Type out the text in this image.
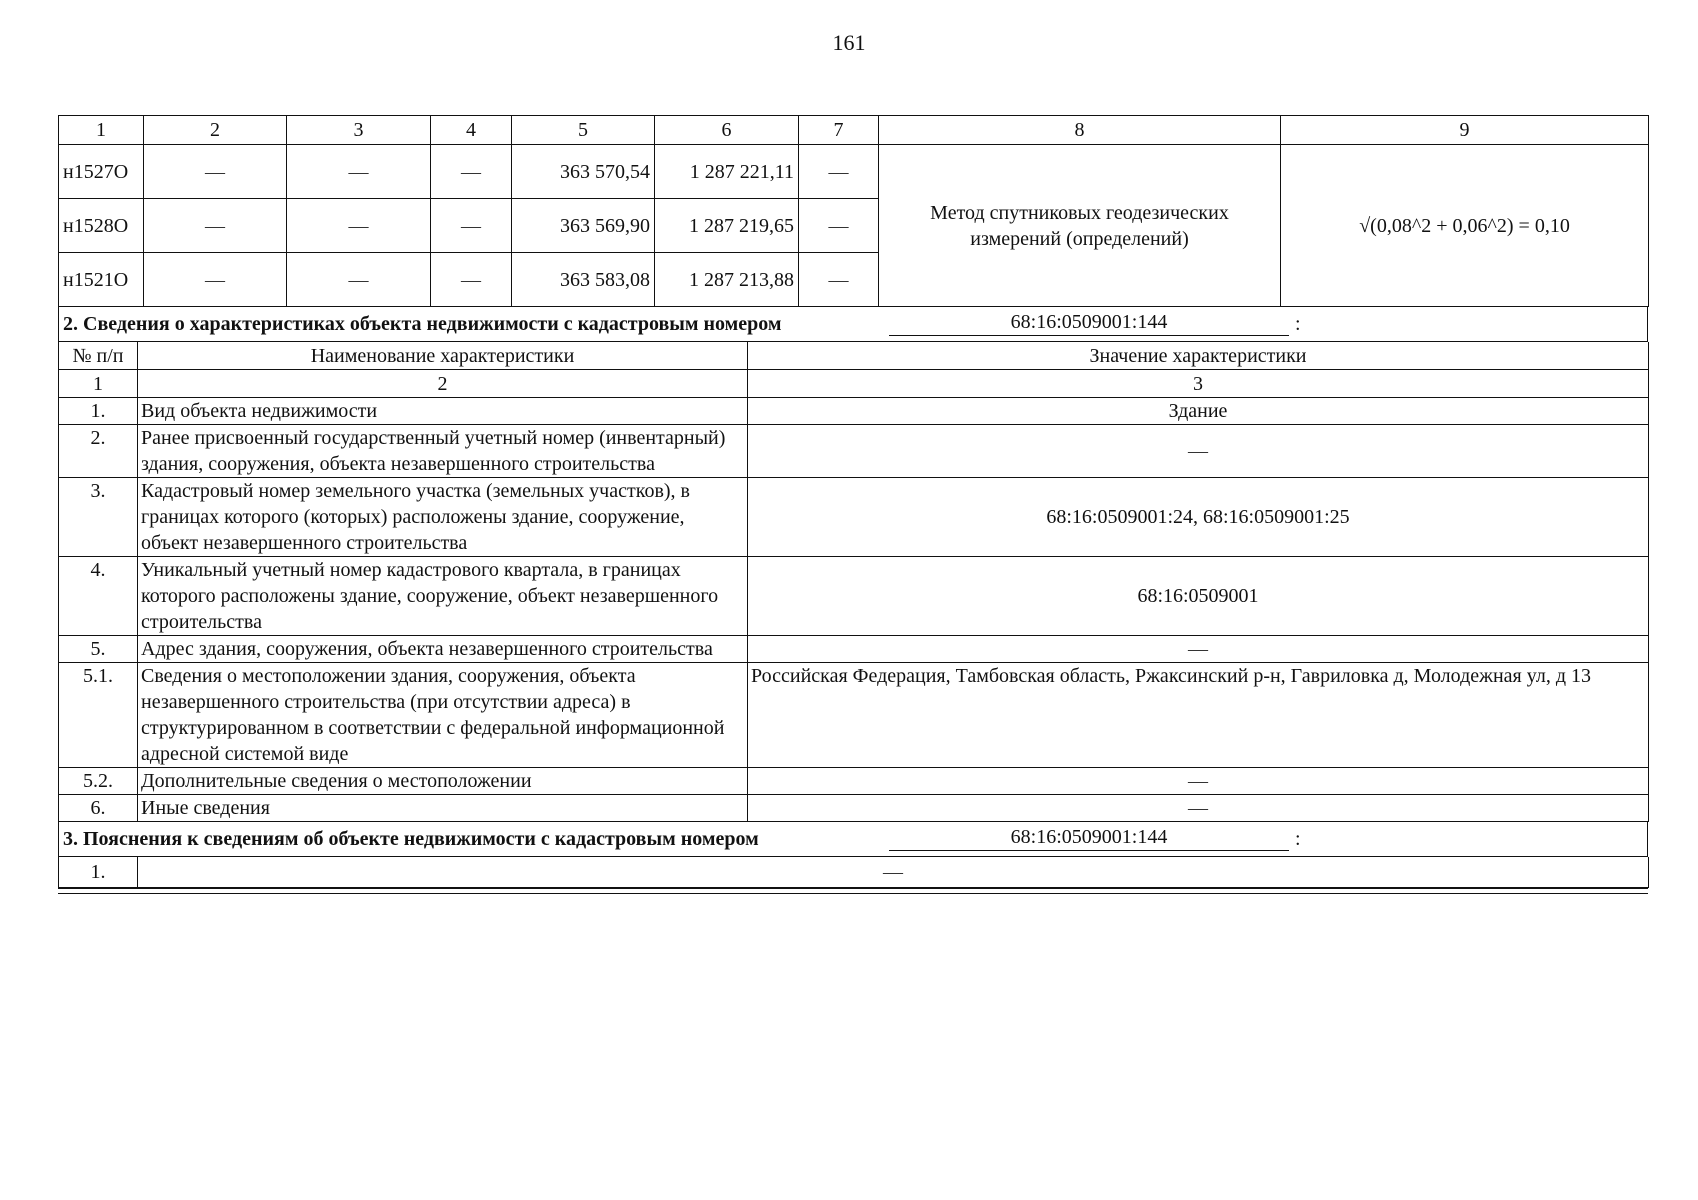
161
1	2	3	4	5	6	7	8	9
н1527О	—	—	—	363 570,54	1 287 221,11	—	Метод спутниковых геодезических измерений (определений)	√(0,08^2 + 0,06^2) = 0,10
н1528О	—	—	—	363 569,90	1 287 219,65	—		
н1521О	—	—	—	363 583,08	1 287 213,88	—		
2. Сведения о характеристиках объекта недвижимости с кадастровым номером	68:16:0509001:144	:
№ п/п	Наименование характеристики	Значение характеристики
1	2	3
1.	Вид объекта недвижимости	Здание
2.	Ранее присвоенный государственный учетный номер (инвентарный) здания, сооружения, объекта незавершенного строительства	—
3.	Кадастровый номер земельного участка (земельных участков), в границах которого (которых) расположены здание, сооружение, объект незавершенного строительства	68:16:0509001:24, 68:16:0509001:25
4.	Уникальный учетный номер кадастрового квартала, в границах которого расположены здание, сооружение, объект незавершенного строительства	68:16:0509001
5.	Адрес здания, сооружения, объекта незавершенного строительства	—
5.1.	Сведения о местоположении здания, сооружения, объекта незавершенного строительства (при отсутствии адреса) в структурированном в соответствии с федеральной информационной адресной системой виде	Российская Федерация, Тамбовская область, Ржаксинский р-н, Гавриловка д, Молодежная ул, д 13
5.2.	Дополнительные сведения о местоположении	—
6.	Иные сведения	—
3. Пояснения к сведениям об объекте недвижимости с кадастровым номером	68:16:0509001:144	:
1.	—
